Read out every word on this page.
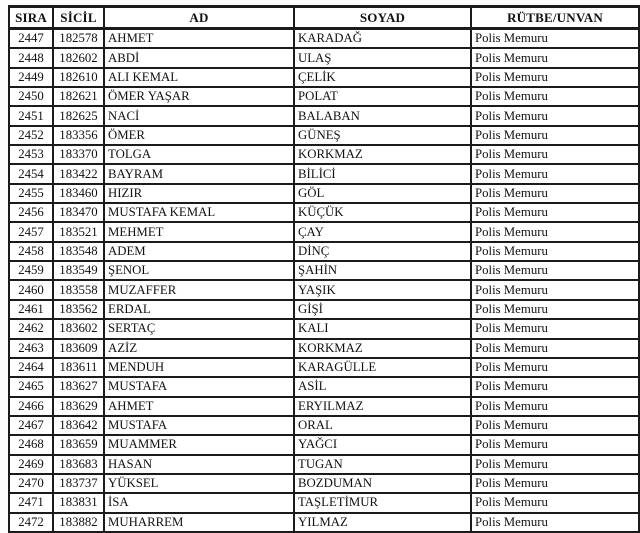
SIRA	SİCİL	AD	SOYAD	RÜTBE/UNVAN
2447	182578	AHMET	KARADAĞ	Polis Memuru
2448	182602	ABDİ	ULAŞ	Polis Memuru
2449	182610	ALI KEMAL	ÇELİK	Polis Memuru
2450	182621	ÖMER YAŞAR	POLAT	Polis Memuru
2451	182625	NACİ	BALABAN	Polis Memuru
2452	183356	ÖMER	GÜNEŞ	Polis Memuru
2453	183370	TOLGA	KORKMAZ	Polis Memuru
2454	183422	BAYRAM	BİLİCİ	Polis Memuru
2455	183460	HIZIR	GÖL	Polis Memuru
2456	183470	MUSTAFA KEMAL	KÜÇÜK	Polis Memuru
2457	183521	MEHMET	ÇAY	Polis Memuru
2458	183548	ADEM	DİNÇ	Polis Memuru
2459	183549	ŞENOL	ŞAHİN	Polis Memuru
2460	183558	MUZAFFER	YAŞIK	Polis Memuru
2461	183562	ERDAL	GİŞİ	Polis Memuru
2462	183602	SERTAÇ	KALI	Polis Memuru
2463	183609	AZİZ	KORKMAZ	Polis Memuru
2464	183611	MENDUH	KARAGÜLLE	Polis Memuru
2465	183627	MUSTAFA	ASİL	Polis Memuru
2466	183629	AHMET	ERYILMAZ	Polis Memuru
2467	183642	MUSTAFA	ORAL	Polis Memuru
2468	183659	MUAMMER	YAĞCI	Polis Memuru
2469	183683	HASAN	TUGAN	Polis Memuru
2470	183737	YÜKSEL	BOZDUMAN	Polis Memuru
2471	183831	İSA	TAŞLETİMUR	Polis Memuru
2472	183882	MUHARREM	YILMAZ	Polis Memuru
